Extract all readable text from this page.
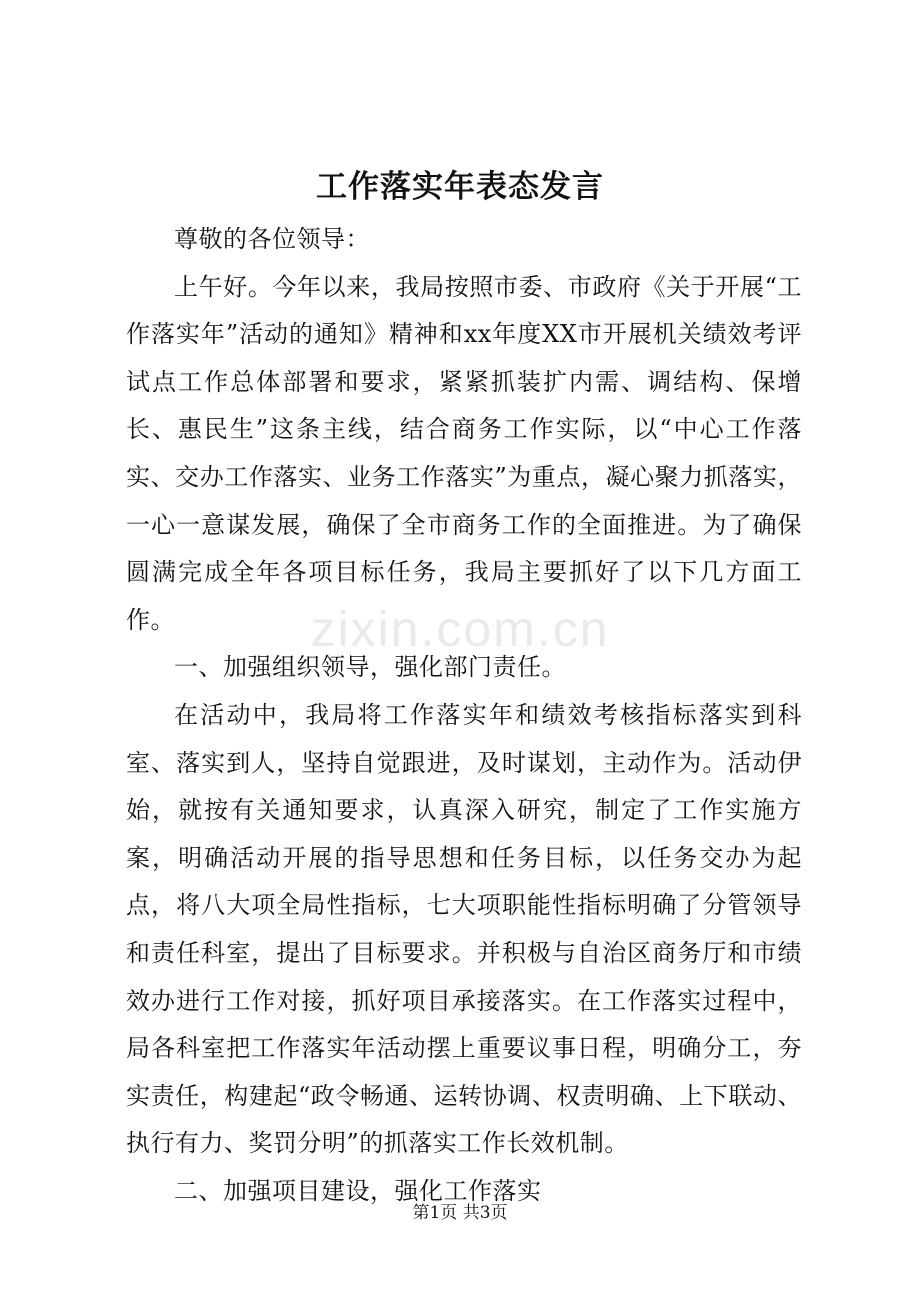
工作落实年表态发言

尊敬的各位领导：

上午好。今年以来，我局按照市委、市政府《关于开展“工作落实年”活动的通知》精神和xx年度XX市开展机关绩效考评试点工作总体部署和要求，紧紧抓装扩内需、调结构、保增长、惠民生”这条主线，结合商务工作实际，以“中心工作落实、交办工作落实、业务工作落实”为重点，凝心聚力抓落实，一心一意谋发展，确保了全市商务工作的全面推进。为了确保圆满完成全年各项目标任务，我局主要抓好了以下几方面工作。

一、加强组织领导，强化部门责任。

在活动中，我局将工作落实年和绩效考核指标落实到科室、落实到人，坚持自觉跟进，及时谋划，主动作为。活动伊始，就按有关通知要求，认真深入研究，制定了工作实施方案，明确活动开展的指导思想和任务目标，以任务交办为起点，将八大项全局性指标，七大项职能性指标明确了分管领导和责任科室，提出了目标要求。并积极与自治区商务厅和市绩效办进行工作对接，抓好项目承接落实。在工作落实过程中，局各科室把工作落实年活动摆上重要议事日程，明确分工，夯实责任，构建起“政令畅通、运转协调、权责明确、上下联动、执行有力、奖罚分明”的抓落实工作长效机制。

二、加强项目建设，强化工作落实

zixin.com.cn
第1页 共3页
